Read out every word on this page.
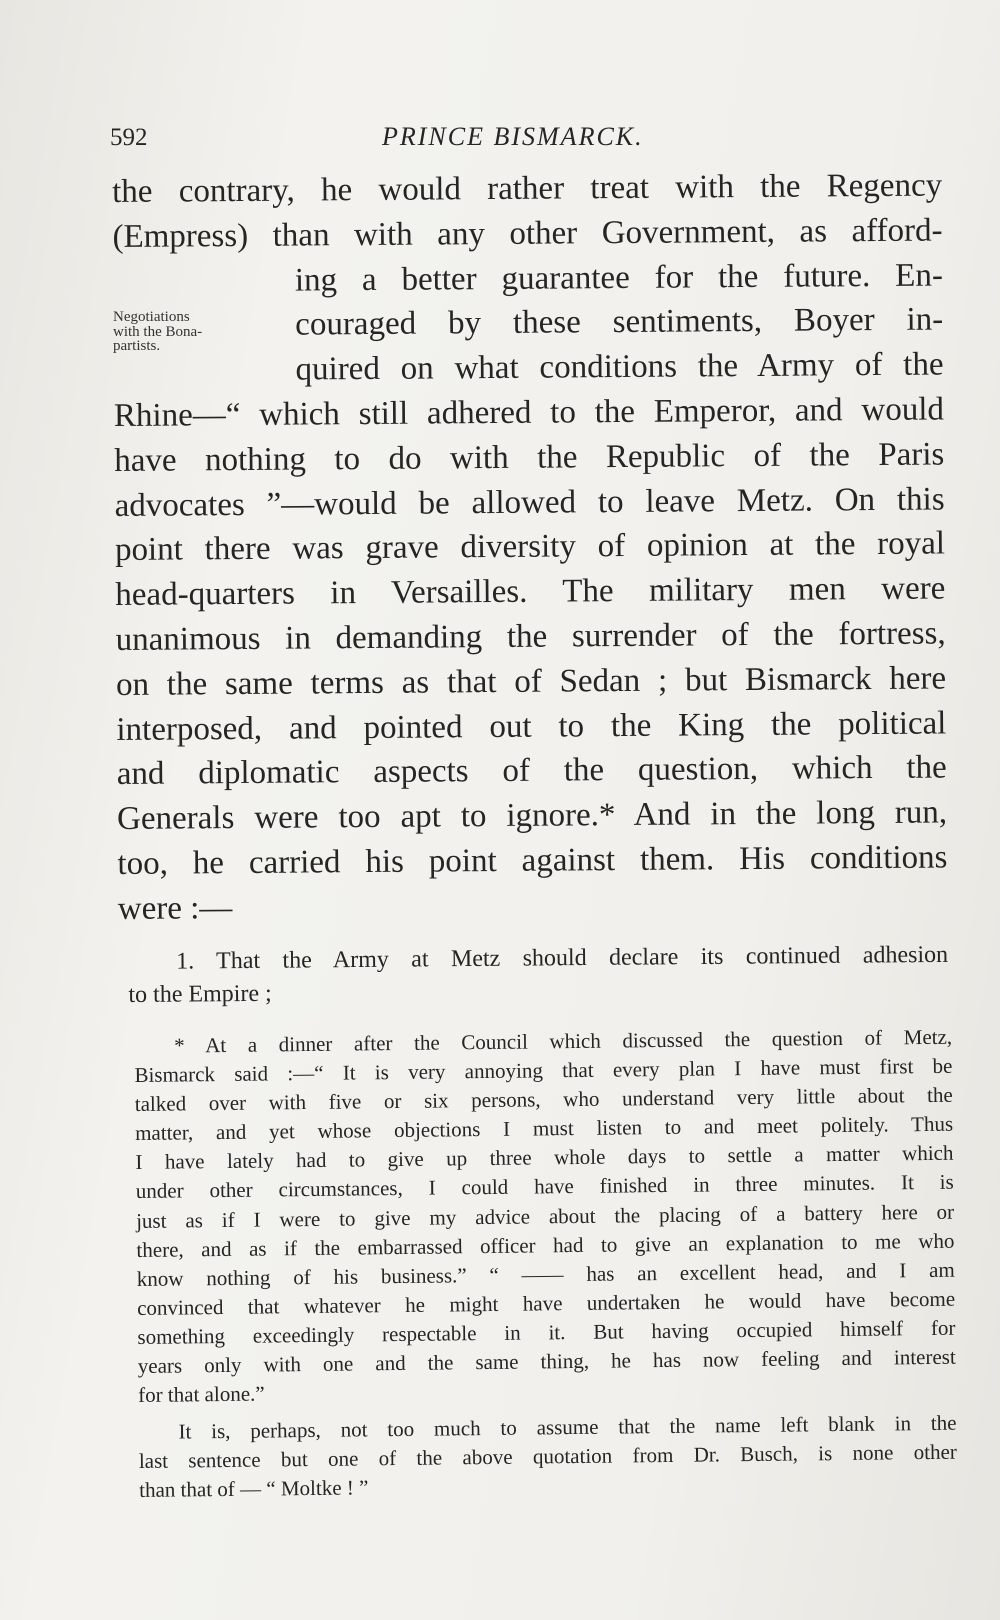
592	PRINCE BISMARCK.
Negotiations
with the Bona-
partists.
the contrary, he would rather treat with the Regency
(Empress) than with any other Government, as afford-
ing a better guarantee for the future. En-
couraged by these sentiments, Boyer in-
quired on what conditions the Army of the
Rhine—“ which still adhered to the Emperor, and would
have nothing to do with the Republic of the Paris
advocates ”—would be allowed to leave Metz. On this
point there was grave diversity of opinion at the royal
head-quarters in Versailles. The military men were
unanimous in demanding the surrender of the fortress,
on the same terms as that of Sedan ; but Bismarck here
interposed, and pointed out to the King the political
and diplomatic aspects of the question, which the
Generals were too apt to ignore.* And in the long run,
too, he carried his point against them. His conditions
were :—
1. That the Army at Metz should declare its continued adhesion
to the Empire ;
* At a dinner after the Council which discussed the question of Metz,
Bismarck said :—“ It is very annoying that every plan I have must first be
talked over with five or six persons, who understand very little about the
matter, and yet whose objections I must listen to and meet politely. Thus
I have lately had to give up three whole days to settle a matter which
under other circumstances, I could have finished in three minutes. It is
just as if I were to give my advice about the placing of a battery here or
there, and as if the embarrassed officer had to give an explanation to me who
know nothing of his business.” “ —— has an excellent head, and I am
convinced that whatever he might have undertaken he would have become
something exceedingly respectable in it. But having occupied himself for
years only with one and the same thing, he has now feeling and interest
for that alone.”
It is, perhaps, not too much to assume that the name left blank in the
last sentence but one of the above quotation from Dr. Busch, is none other
than that of — “ Moltke ! ”
